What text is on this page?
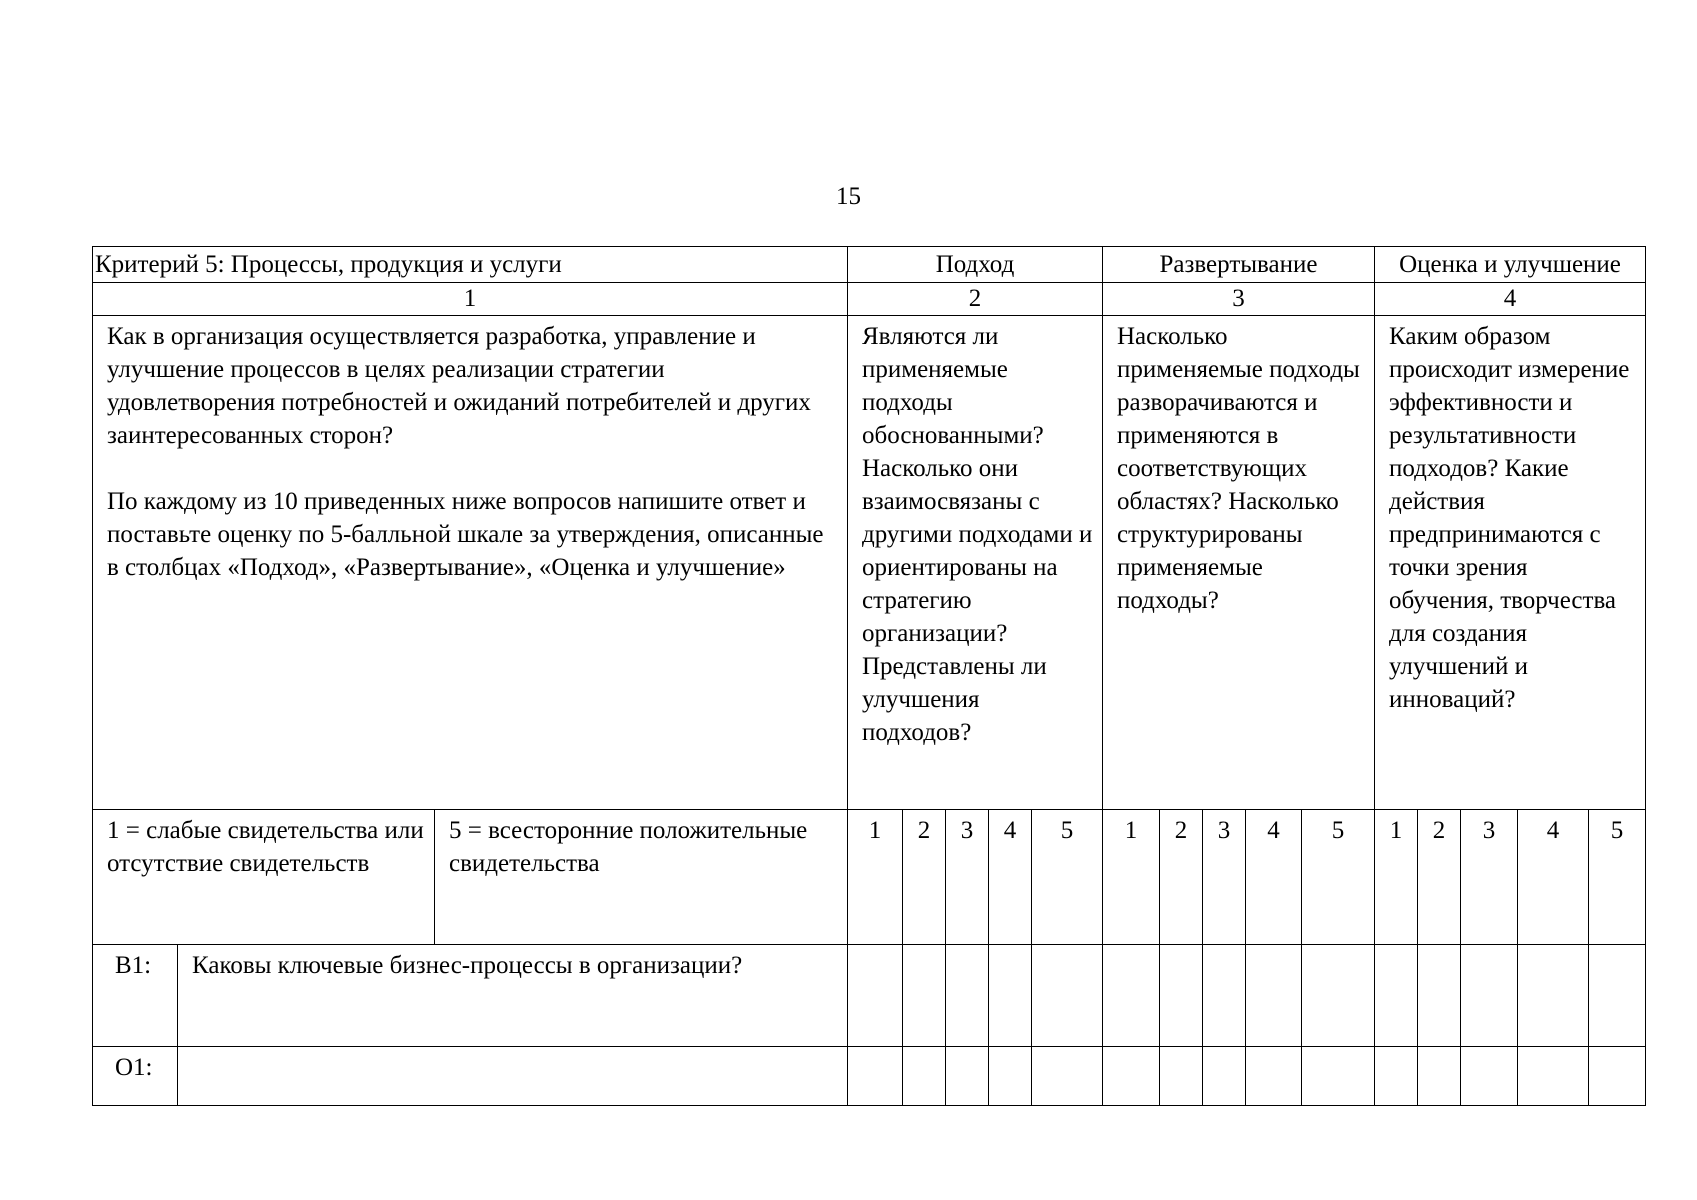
15
Критерий 5: Процессы, продукция и услуги			Подход					Развертывание					Оценка и улучшение				
1			2					3					4				

Как в организация осуществляется разработка, управление и улучшение процессов в целях реализации стратегии удовлетворения потребностей и ожиданий потребителей и других заинтересованных сторон?
По каждому из 10 приведенных ниже вопросов напишите ответ и поставьте оценку по 5-балльной шкале за утверждения, описанные в столбцах «Подход», «Развертывание», «Оценка и улучшение»			Являются ли применяемые подходы обоснованными? Насколько они взаимосвязаны с другими подходами и ориентированы на стратегию организации? Представлены ли улучшения подходов?					Насколько применяемые подходы разворачиваются и применяются в соответствующих областях? Насколько структурированы применяемые подходы?					Каким образом происходит измерение эффективности и результативности подходов? Какие действия предпринимаются с точки зрения обучения, творчества для создания улучшений и инноваций?				
1 = слабые свидетельства или отсутствие свидетельств		5 = всесторонние положительные свидетельства	1	2	3	4	5	1	2	3	4	5	1	2	3	4	5
В1:	Каковы ключевые бизнес-процессы в организации?																
О1:																	
